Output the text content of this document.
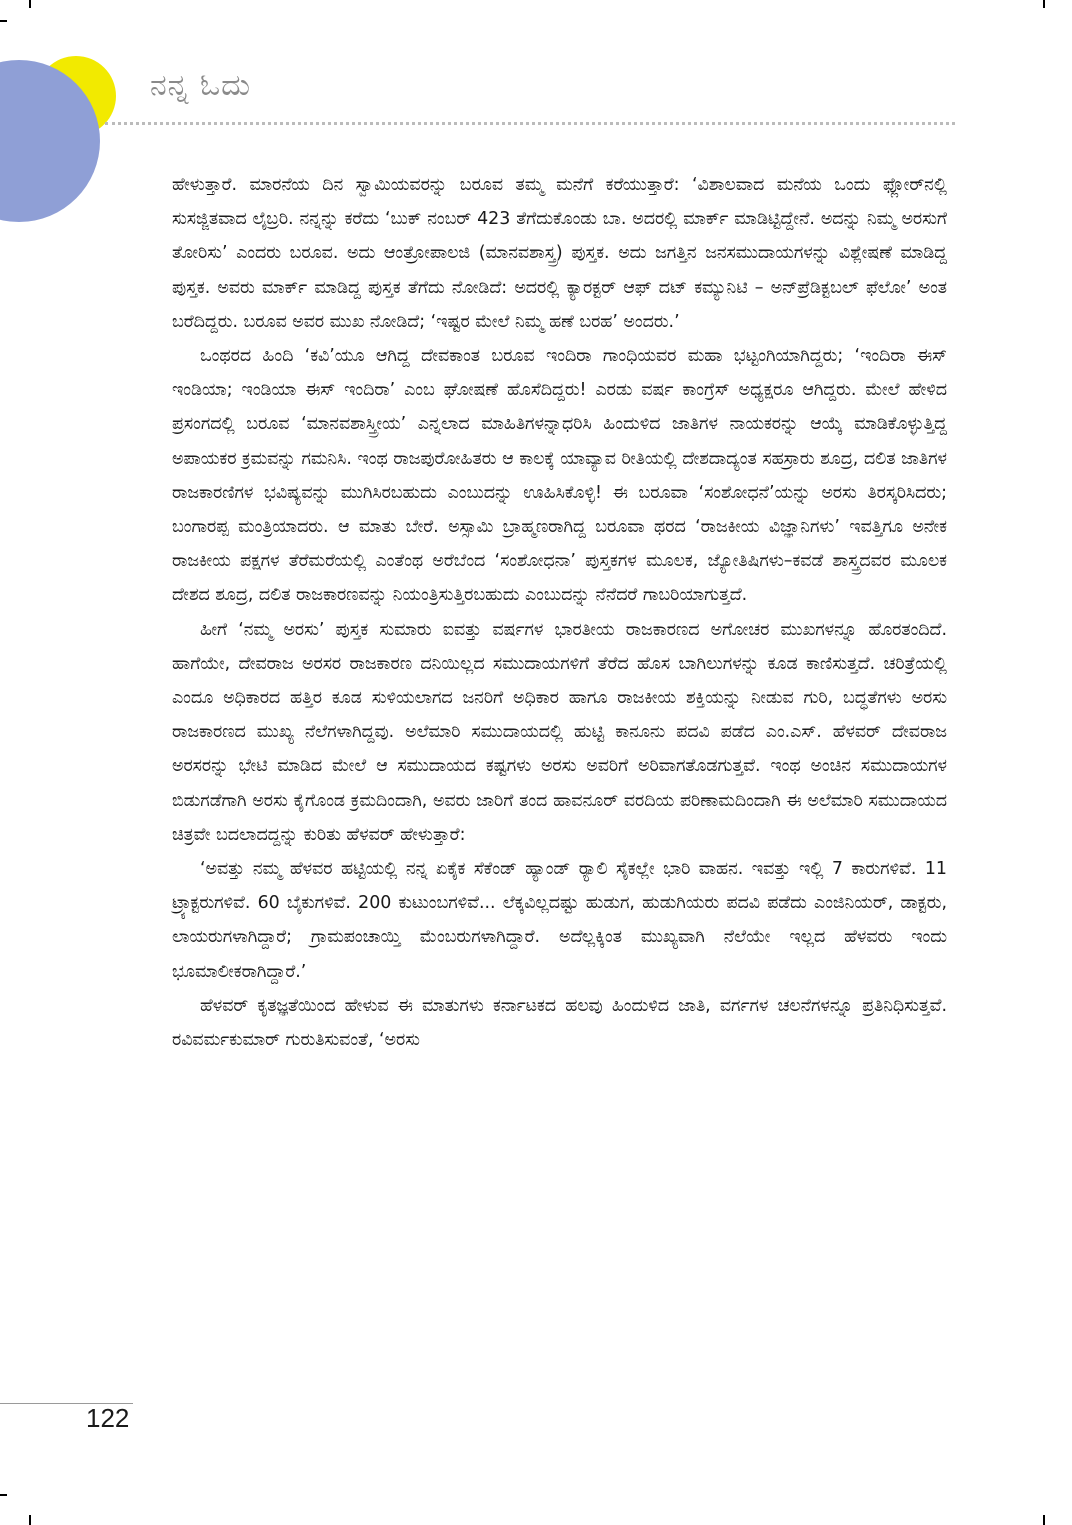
ನನ್ನ ಓದು

ಹೇಳುತ್ತಾರೆ. ಮಾರನೆಯ ದಿನ ಸ್ವಾಮಿಯವರನ್ನು ಬರೂವ ತಮ್ಮ ಮನೆಗೆ ಕರೆಯುತ್ತಾರೆ: ‘ವಿಶಾಲವಾದ ಮನೆಯ ಒಂದು ಫ್ಲೋರ್‌ನಲ್ಲಿ ಸುಸಜ್ಜಿತವಾದ ಲೈಬ್ರರಿ. ನನ್ನನ್ನು ಕರೆದು ‘ಬುಕ್ ನಂಬರ್ 423 ತೆಗೆದುಕೊಂಡು ಬಾ. ಅದರಲ್ಲಿ ಮಾರ್ಕ್ ಮಾಡಿಟ್ಟಿದ್ದೇನೆ. ಅದನ್ನು ನಿಮ್ಮ ಅರಸುಗೆ ತೋರಿಸು’ ಎಂದರು ಬರೂವ. ಅದು ಆಂತ್ರೋಪಾಲಜಿ (ಮಾನವಶಾಸ್ತ್ರ) ಪುಸ್ತಕ. ಅದು ಜಗತ್ತಿನ ಜನಸಮುದಾಯಗಳನ್ನು ವಿಶ್ಲೇಷಣೆ ಮಾಡಿದ್ದ ಪುಸ್ತಕ. ಅವರು ಮಾರ್ಕ್ ಮಾಡಿದ್ದ ಪುಸ್ತಕ ತೆಗೆದು ನೋಡಿದೆ: ಅದರಲ್ಲಿ ಕ್ಯಾರಕ್ಟರ್ ಆಫ್ ದಟ್ ಕಮ್ಯುನಿಟಿ – ಅನ್‌ಪ್ರೆಡಿಕ್ಟಬಲ್ ಫೆಲೋ’ ಅಂತ ಬರೆದಿದ್ದರು. ಬರೂವ ಅವರ ಮುಖ ನೋಡಿದೆ; ‘ಇಷ್ಟರ ಮೇಲೆ ನಿಮ್ಮ ಹಣೆ ಬರಹ’ ಅಂದರು.’

ಒಂಥರದ ಹಿಂದಿ ‘ಕವಿ’ಯೂ ಆಗಿದ್ದ ದೇವಕಾಂತ ಬರೂವ ಇಂದಿರಾ ಗಾಂಧಿಯವರ ಮಹಾ ಭಟ್ಟಂಗಿಯಾಗಿದ್ದರು; ‘ಇಂದಿರಾ ಈಸ್ ಇಂಡಿಯಾ; ಇಂಡಿಯಾ ಈಸ್ ಇಂದಿರಾ’ ಎಂಬ ಘೋಷಣೆ ಹೊಸೆದಿದ್ದರು! ಎರಡು ವರ್ಷ ಕಾಂಗ್ರೆಸ್ ಅಧ್ಯಕ್ಷರೂ ಆಗಿದ್ದರು. ಮೇಲೆ ಹೇಳಿದ ಪ್ರಸಂಗದಲ್ಲಿ ಬರೂವ ‘ಮಾನವಶಾಸ್ತ್ರೀಯ’ ಎನ್ನಲಾದ ಮಾಹಿತಿಗಳನ್ನಾಧರಿಸಿ ಹಿಂದುಳಿದ ಜಾತಿಗಳ ನಾಯಕರನ್ನು ಆಯ್ಕೆ ಮಾಡಿಕೊಳ್ಳುತ್ತಿದ್ದ ಅಪಾಯಕರ ಕ್ರಮವನ್ನು ಗಮನಿಸಿ. ಇಂಥ ರಾಜಪುರೋಹಿತರು ಆ ಕಾಲಕ್ಕೆ ಯಾವ್ಯಾವ ರೀತಿಯಲ್ಲಿ ದೇಶದಾದ್ಯಂತ ಸಹಸ್ರಾರು ಶೂದ್ರ, ದಲಿತ ಜಾತಿಗಳ ರಾಜಕಾರಣಿಗಳ ಭವಿಷ್ಯವನ್ನು ಮುಗಿಸಿರಬಹುದು ಎಂಬುದನ್ನು ಊಹಿಸಿಕೊಳ್ಳಿ! ಈ ಬರೂವಾ ‘ಸಂಶೋಧನೆ’ಯನ್ನು ಅರಸು ತಿರಸ್ಕರಿಸಿದರು; ಬಂಗಾರಪ್ಪ ಮಂತ್ರಿಯಾದರು. ಆ ಮಾತು ಬೇರೆ. ಅಸ್ಸಾಮಿ ಬ್ರಾಹ್ಮಣರಾಗಿದ್ದ ಬರೂವಾ ಥರದ ‘ರಾಜಕೀಯ ವಿಜ್ಞಾನಿಗಳು’ ಇವತ್ತಿಗೂ ಅನೇಕ ರಾಜಕೀಯ ಪಕ್ಷಗಳ ತೆರೆಮರೆಯಲ್ಲಿ ಎಂತೆಂಥ ಅರೆಬೆಂದ ‘ಸಂಶೋಧನಾ’ ಪುಸ್ತಕಗಳ ಮೂಲಕ, ಜ್ಯೋತಿಷಿಗಳು–ಕವಡೆ ಶಾಸ್ತ್ರದವರ ಮೂಲಕ ದೇಶದ ಶೂದ್ರ, ದಲಿತ ರಾಜಕಾರಣವನ್ನು ನಿಯಂತ್ರಿಸುತ್ತಿರಬಹುದು ಎಂಬುದನ್ನು ನೆನೆದರೆ ಗಾಬರಿಯಾಗುತ್ತದೆ.

ಹೀಗೆ ‘ನಮ್ಮ ಅರಸು’ ಪುಸ್ತಕ ಸುಮಾರು ಐವತ್ತು ವರ್ಷಗಳ ಭಾರತೀಯ ರಾಜಕಾರಣದ ಅಗೋಚರ ಮುಖಗಳನ್ನೂ ಹೊರತಂದಿದೆ. ಹಾಗೆಯೇ, ದೇವರಾಜ ಅರಸರ ರಾಜಕಾರಣ ದನಿಯಿಲ್ಲದ ಸಮುದಾಯಗಳಿಗೆ ತೆರೆದ ಹೊಸ ಬಾಗಿಲುಗಳನ್ನು ಕೂಡ ಕಾಣಿಸುತ್ತದೆ. ಚರಿತ್ರೆಯಲ್ಲಿ ಎಂದೂ ಅಧಿಕಾರದ ಹತ್ತಿರ ಕೂಡ ಸುಳಿಯಲಾಗದ ಜನರಿಗೆ ಅಧಿಕಾರ ಹಾಗೂ ರಾಜಕೀಯ ಶಕ್ತಿಯನ್ನು ನೀಡುವ ಗುರಿ, ಬದ್ಧತೆಗಳು ಅರಸು ರಾಜಕಾರಣದ ಮುಖ್ಯ ನೆಲೆಗಳಾಗಿದ್ದವು. ಅಲೆಮಾರಿ ಸಮುದಾಯದಲ್ಲಿ ಹುಟ್ಟಿ ಕಾನೂನು ಪದವಿ ಪಡೆದ ಎಂ.ಎಸ್. ಹೆಳವರ್ ದೇವರಾಜ ಅರಸರನ್ನು ಭೇಟಿ ಮಾಡಿದ ಮೇಲೆ ಆ ಸಮುದಾಯದ ಕಷ್ಟಗಳು ಅರಸು ಅವರಿಗೆ ಅರಿವಾಗತೊಡಗುತ್ತವೆ. ಇಂಥ ಅಂಚಿನ ಸಮುದಾಯಗಳ ಬಿಡುಗಡೆಗಾಗಿ ಅರಸು ಕೈಗೊಂಡ ಕ್ರಮದಿಂದಾಗಿ, ಅವರು ಜಾರಿಗೆ ತಂದ ಹಾವನೂರ್ ವರದಿಯ ಪರಿಣಾಮದಿಂದಾಗಿ ಈ ಅಲೆಮಾರಿ ಸಮುದಾಯದ ಚಿತ್ರವೇ ಬದಲಾದದ್ದನ್ನು ಕುರಿತು ಹೆಳವರ್ ಹೇಳುತ್ತಾರೆ:

‘ಅವತ್ತು ನಮ್ಮ ಹೆಳವರ ಹಟ್ಟಿಯಲ್ಲಿ ನನ್ನ ಏಕೈಕ ಸೆಕೆಂಡ್ ಹ್ಯಾಂಡ್ ರ್‍ಯಾಲಿ ಸೈಕಲ್ಲೇ ಭಾರಿ ವಾಹನ. ಇವತ್ತು ಇಲ್ಲಿ 7 ಕಾರುಗಳಿವೆ. 11 ಟ್ರ್ಯಾಕ್ಟರುಗಳಿವೆ. 60 ಬೈಕುಗಳಿವೆ. 200 ಕುಟುಂಬಗಳಿವೆ... ಲೆಕ್ಕವಿಲ್ಲದಷ್ಟು ಹುಡುಗ, ಹುಡುಗಿಯರು ಪದವಿ ಪಡೆದು ಎಂಜಿನಿಯರ್, ಡಾಕ್ಟರು, ಲಾಯರುಗಳಾಗಿದ್ದಾರೆ; ಗ್ರಾಮಪಂಚಾಯ್ತಿ ಮೆಂಬರುಗಳಾಗಿದ್ದಾರೆ. ಅದೆಲ್ಲಕ್ಕಿಂತ ಮುಖ್ಯವಾಗಿ ನೆಲೆಯೇ ಇಲ್ಲದ ಹೆಳವರು ಇಂದು ಭೂಮಾಲೀಕರಾಗಿದ್ದಾರೆ.’

ಹೆಳವರ್ ಕೃತಜ್ಞತೆಯಿಂದ ಹೇಳುವ ಈ ಮಾತುಗಳು ಕರ್ನಾಟಕದ ಹಲವು ಹಿಂದುಳಿದ ಜಾತಿ, ವರ್ಗಗಳ ಚಲನೆಗಳನ್ನೂ ಪ್ರತಿನಿಧಿಸುತ್ತವೆ. ರವಿವರ್ಮಕುಮಾರ್ ಗುರುತಿಸುವಂತೆ, ‘ಅರಸು

122
